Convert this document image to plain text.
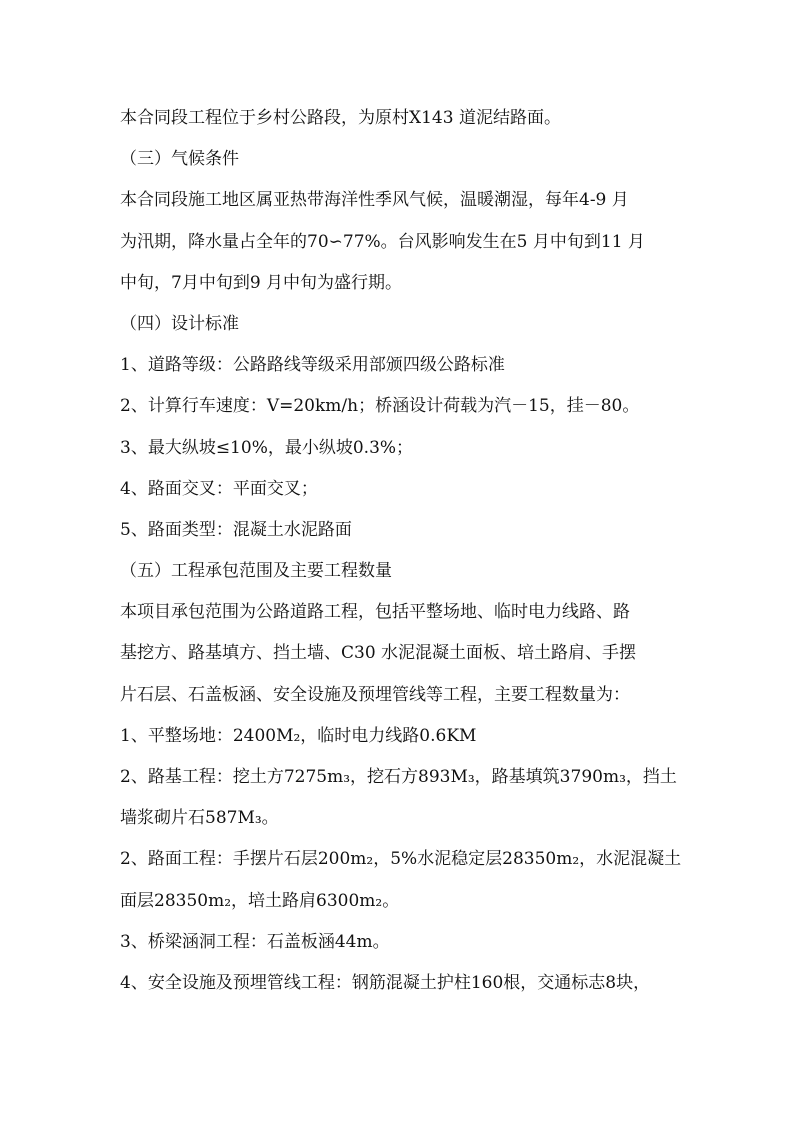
本合同段工程位于乡村公路段，为原村X143 道泥结路面。
（三）气候条件
本合同段施工地区属亚热带海洋性季风气候，温暖潮湿，每年4-9 月
为汛期，降水量占全年的70∽77%。台风影响发生在5 月中旬到11 月
中旬，7月中旬到9 月中旬为盛行期。
（四）设计标准
1、道路等级：公路路线等级采用部颁四级公路标准
2、计算行车速度：V=20km/h；桥涵设计荷载为汽－15，挂－80。
3、最大纵坡≤10%，最小纵坡0.3%；
4、路面交叉：平面交叉；
5、路面类型：混凝土水泥路面
（五）工程承包范围及主要工程数量
本项目承包范围为公路道路工程，包括平整场地、临时电力线路、路
基挖方、路基填方、挡土墙、C30 水泥混凝土面板、培土路肩、手摆
片石层、石盖板涵、安全设施及预埋管线等工程，主要工程数量为：
1、平整场地：2400M₂，临时电力线路0.6KM
2、路基工程：挖土方7275m₃，挖石方893M₃，路基填筑3790m₃，挡土
墙浆砌片石587M₃。
2、路面工程：手摆片石层200m₂，5%水泥稳定层28350m₂，水泥混凝土
面层28350m₂，培土路肩6300m₂。
3、桥梁涵洞工程：石盖板涵44m。
4、安全设施及预埋管线工程：钢筋混凝土护柱160根，交通标志8块，
